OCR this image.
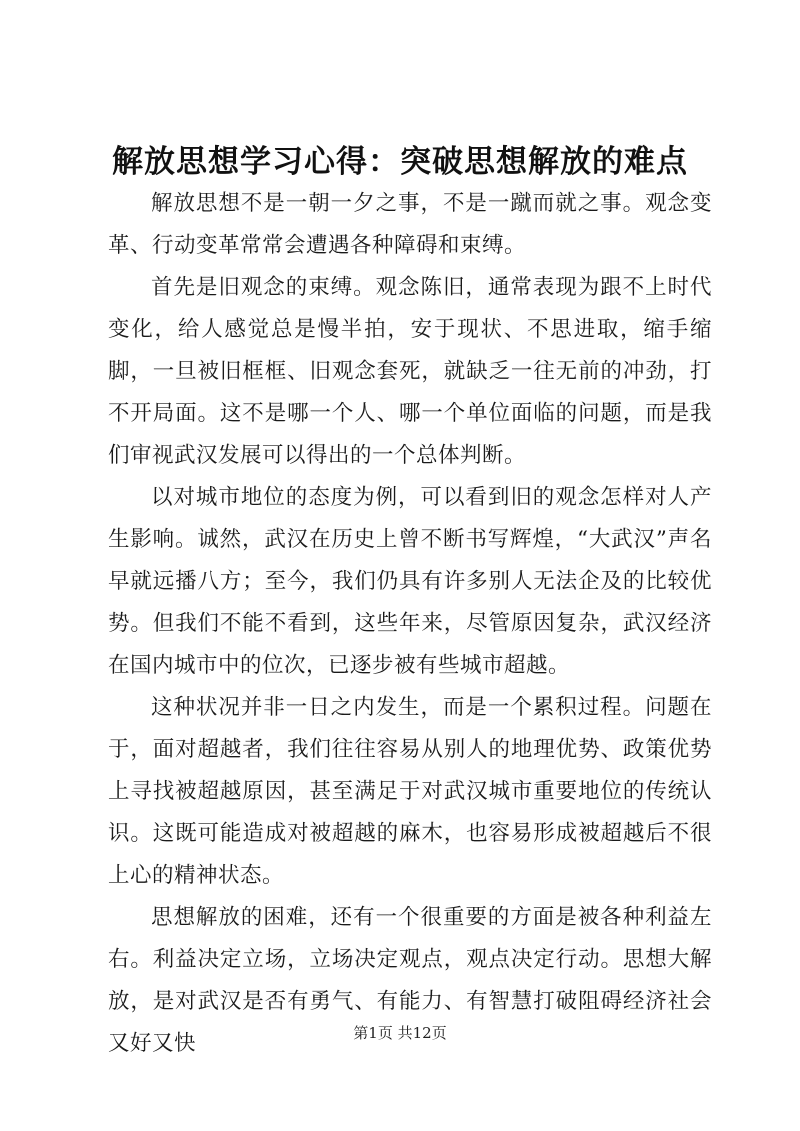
解放思想学习心得：突破思想解放的难点

解放思想不是一朝一夕之事，不是一蹴而就之事。观念变革、行动变革常常会遭遇各种障碍和束缚。

首先是旧观念的束缚。观念陈旧，通常表现为跟不上时代变化，给人感觉总是慢半拍，安于现状、不思进取，缩手缩脚，一旦被旧框框、旧观念套死，就缺乏一往无前的冲劲，打不开局面。这不是哪一个人、哪一个单位面临的问题，而是我们审视武汉发展可以得出的一个总体判断。

以对城市地位的态度为例，可以看到旧的观念怎样对人产生影响。诚然，武汉在历史上曾不断书写辉煌，“大武汉”声名早就远播八方；至今，我们仍具有许多别人无法企及的比较优势。但我们不能不看到，这些年来，尽管原因复杂，武汉经济在国内城市中的位次，已逐步被有些城市超越。

这种状况并非一日之内发生，而是一个累积过程。问题在于，面对超越者，我们往往容易从别人的地理优势、政策优势上寻找被超越原因，甚至满足于对武汉城市重要地位的传统认识。这既可能造成对被超越的麻木，也容易形成被超越后不很上心的精神状态。

思想解放的困难，还有一个很重要的方面是被各种利益左右。利益决定立场，立场决定观点，观点决定行动。思想大解放，是对武汉是否有勇气、有能力、有智慧打破阻碍经济社会又好又快	第1页 共12页
